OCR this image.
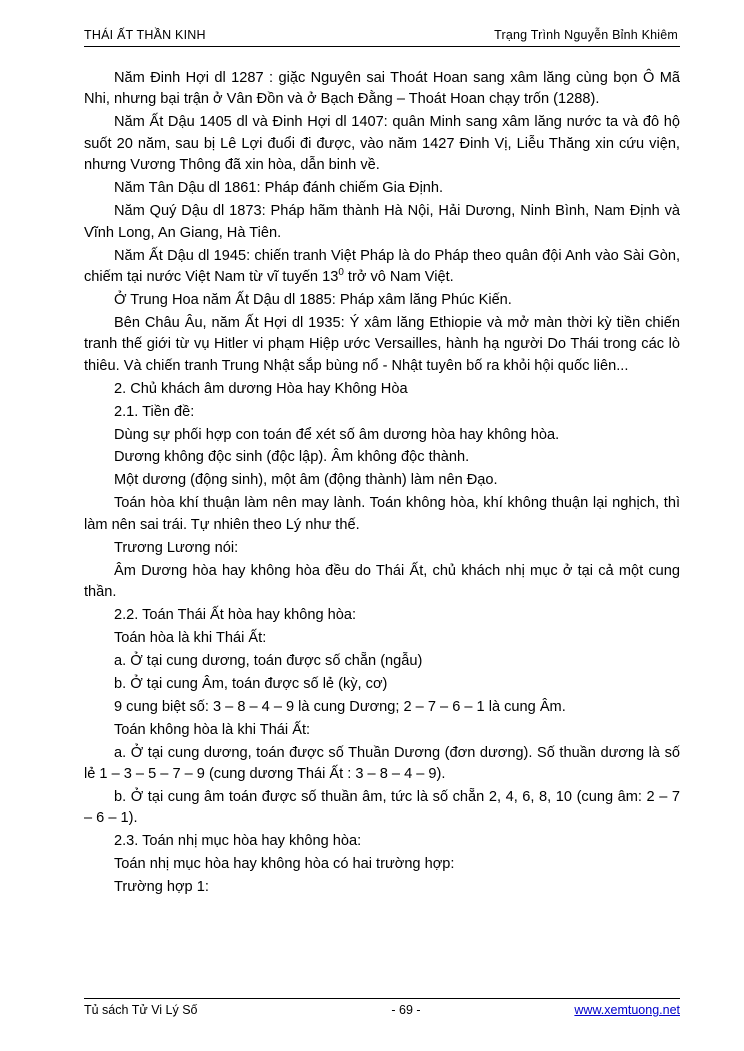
THÁI ẤT THẦN KINH	Trạng Trình Nguyễn Bỉnh Khiêm

Năm Đinh Hợi dl 1287 : giặc Nguyên sai Thoát Hoan sang xâm lăng cùng bọn Ô Mã Nhi, nhưng bại trận ở Vân Đồn và ở Bạch Đằng – Thoát Hoan chạy trốn (1288).

Năm Ất Dậu 1405 dl và Đinh Hợi dl 1407: quân Minh sang xâm lăng nước ta và đô hộ suốt 20 năm, sau bị Lê Lợi đuổi đi được, vào năm 1427 Đinh Vị, Liễu Thăng xin cứu viện, nhưng Vương Thông đã xin hòa, dẫn binh về.

Năm Tân Dậu dl 1861: Pháp đánh chiếm Gia Định.

Năm Quý Dậu dl 1873: Pháp hãm thành Hà Nội, Hải Dương, Ninh Bình, Nam Định và Vĩnh Long, An Giang, Hà Tiên.

Năm Ất Dậu dl 1945: chiến tranh Việt Pháp là do Pháp theo quân đội Anh vào Sài Gòn, chiếm tại nước Việt Nam từ vĩ tuyến $13^0$ trở vô Nam Việt.

Ở Trung Hoa năm Ất Dậu dl 1885: Pháp xâm lăng Phúc Kiến.

Bên Châu Âu, năm Ất Hợi dl 1935: Ý xâm lăng Ethiopie và mở màn thời kỳ tiền chiến tranh thế giới từ vụ Hitler vi phạm Hiệp ước Versailles, hành hạ người Do Thái trong các lò thiêu. Và chiến tranh Trung Nhật sắp bùng nổ - Nhật tuyên bố ra khỏi hội quốc liên...

2. Chủ khách âm dương Hòa hay Không Hòa

2.1. Tiền đề:

Dùng sự phối hợp con toán để xét số âm dương hòa hay không hòa.

Dương không độc sinh (độc lập). Âm không độc thành.

Một dương (động sinh), một âm (động thành) làm nên Đạo.

Toán hòa khí thuận làm nên may lành. Toán không hòa, khí không thuận lại nghịch, thì làm nên sai trái. Tự nhiên theo Lý như thế.

Trương Lương nói:

Âm Dương hòa hay không hòa đều do Thái Ất, chủ khách nhị mục ở tại cả một cung thần.

2.2. Toán Thái Ất hòa hay không hòa:

Toán hòa là khi Thái Ất:

a. Ở tại cung dương, toán được số chẵn (ngẫu)

b. Ở tại cung Âm, toán được số lẻ (kỳ, cơ)

9 cung biệt số: 3 – 8 – 4 – 9 là cung Dương; 2 – 7 – 6 – 1 là cung Âm.

Toán không hòa là khi Thái Ất:

a. Ở tại cung dương, toán được số Thuần Dương (đơn dương). Số thuần dương là số lẻ 1 – 3 – 5 – 7 – 9 (cung dương Thái Ất : 3 – 8 – 4 – 9).

b. Ở tại cung âm toán được số thuần âm, tức là số chẵn 2, 4, 6, 8, 10 (cung âm: 2 – 7 – 6 – 1).

2.3. Toán nhị mục hòa hay không hòa:

Toán nhị mục hòa hay không hòa có hai trường hợp:

Trường hợp 1:

Tủ sách Tử Vi Lý Số	- 69 -	www.xemtuong.net
